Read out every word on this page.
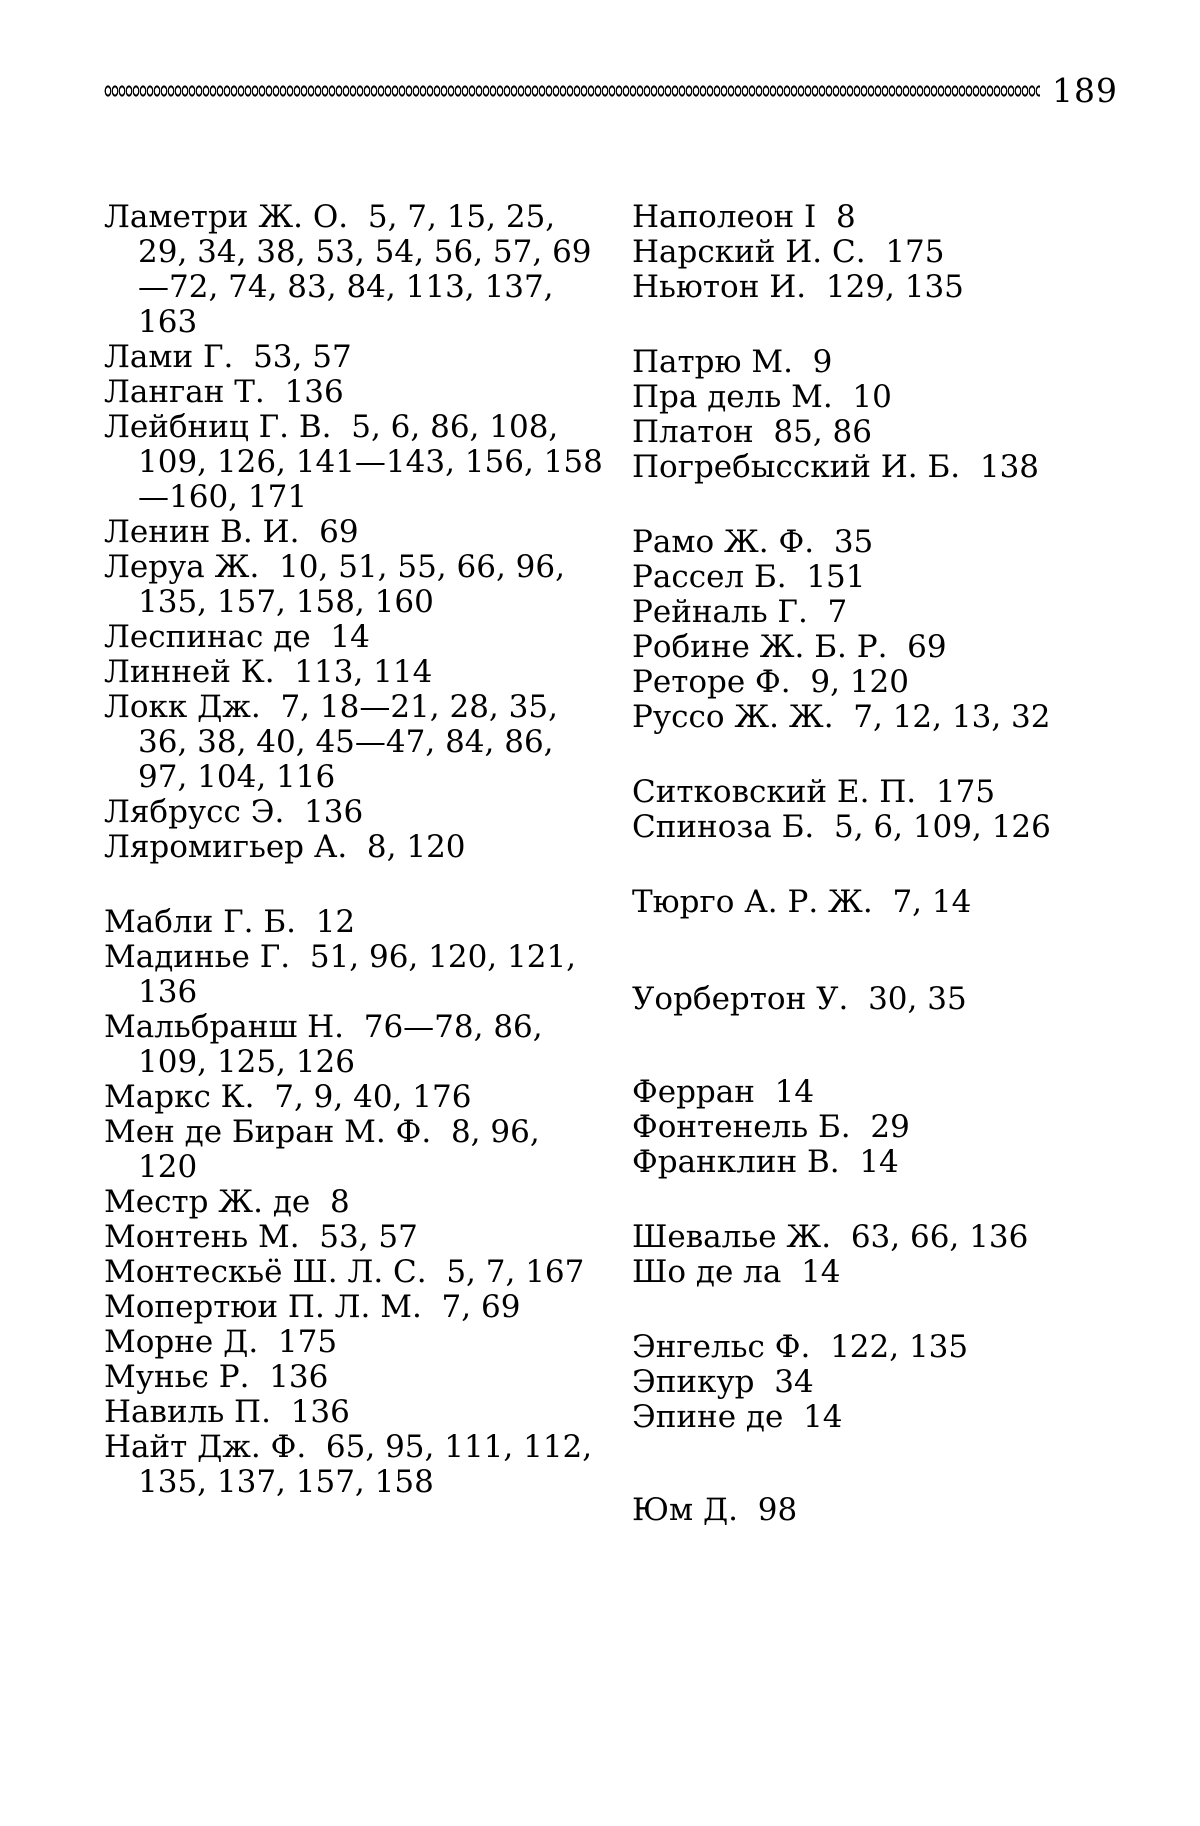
189
Ламетри Ж. О. 5, 7, 15, 25, 29, 34, 38, 53, 54, 56, 57, 69—72, 74, 83, 84, 113, 137, 163
Лами Г. 53, 57
Ланган Т. 136
Лейбниц Г. В. 5, 6, 86, 108, 109, 126, 141—143, 156, 158—160, 171
Ленин В. И. 69
Леруа Ж. 10, 51, 55, 66, 96, 135, 157, 158, 160
Леспинас де 14
Линней К. 113, 114
Локк Дж. 7, 18—21, 28, 35, 36, 38, 40, 45—47, 84, 86, 97, 104, 116
Лябрусс Э. 136
Ляромигьер А. 8, 120
Мабли Г. Б. 12
Мадинье Г. 51, 96, 120, 121, 136
Мальбранш Н. 76—78, 86, 109, 125, 126
Маркс К. 7, 9, 40, 176
Мен де Биран М. Ф. 8, 96, 120
Местр Ж. де 8
Монтень М. 53, 57
Монтескьё Ш. Л. С. 5, 7, 167
Мопертюи П. Л. М. 7, 69
Морне Д. 175
Муньє Р. 136
Навиль П. 136
Найт Дж. Ф. 65, 95, 111, 112, 135, 137, 157, 158
Наполеон I 8
Нарский И. С. 175
Ньютон И. 129, 135
Патрю М. 9
Пра дель М. 10
Платон 85, 86
Погребысский И. Б. 138
Рамо Ж. Ф. 35
Рассел Б. 151
Рейналь Г. 7
Робине Ж. Б. Р. 69
Реторе Ф. 9, 120
Руссо Ж. Ж. 7, 12, 13, 32
Ситковский Е. П. 175
Спиноза Б. 5, 6, 109, 126
Тюрго А. Р. Ж. 7, 14
Уорбертон У. 30, 35
Ферран 14
Фонтенель Б. 29
Франклин В. 14
Шевалье Ж. 63, 66, 136
Шо де ла 14
Энгельс Ф. 122, 135
Эпикур 34
Эпине де 14
Юм Д. 98
